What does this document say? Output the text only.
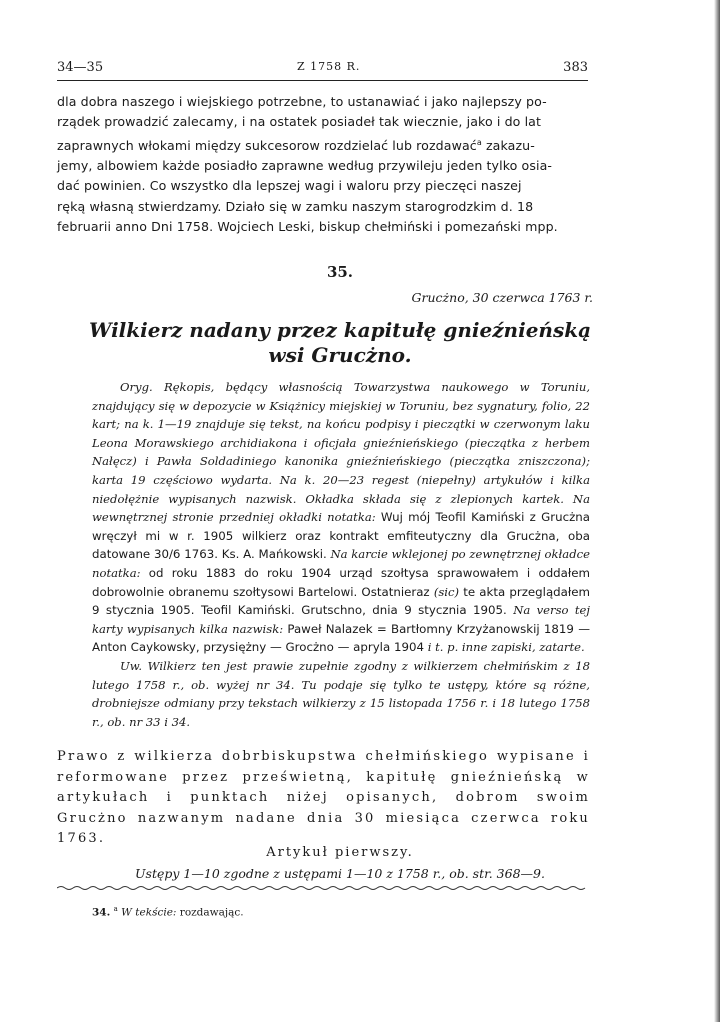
34—35	Z 1758 R.	383
dla dobra naszego i wiejskiego potrzebne, to ustanawiać i jako najlepszy po-
rządek prowadzić zalecamy, i na ostatek posiadeł tak wiecznie, jako i do lat
zaprawnych włokami między sukcesorow rozdzielać lub rozdawać$^a$ zakazu-
jemy, albowiem każde posiadło zaprawne według przywileju jeden tylko osia-
dać powinien. Co wszystko dla lepszej wagi i waloru przy pieczęci naszej
ręką własną stwierdzamy. Działo się w zamku naszym starogrodzkim d. 18
februarii anno Dni 1758. Wojciech Leski, biskup chełmiński i pomezański mpp.
35.
Grucżno, 30 czerwca 1763 r.
Wilkierz nadany przez kapitułę gnieźnieńską
wsi Grucżno.

Oryg. Rękopis, będący własnością Towarzystwa naukowego w Toruniu, znajdujący się w depozycie w Książnicy miejskiej w Toruniu, bez sygnatury, folio, 22 kart; na k. 1—19 znajduje się tekst, na końcu podpisy i pieczątki w czerwonym laku Leona Morawskiego archidiakona i oficjała gnieźnieńskiego (pieczątka z herbem Nałęcz) i Pawła Soldadiniego kanonika gnieźnieńskiego (pieczątka zniszczona); karta 19 częściowo wydarta. Na k. 20—23 regest (niepełny) artykułów i kilka niedołężnie wypisanych nazwisk. Okładka składa się z zlepionych kartek. Na wewnętrznej stronie przedniej okładki notatka: Wuj mój Teofil Kamiński z Grucżna wręczył mi w r. 1905 wilkierz oraz kontrakt emfiteutyczny dla Grucżna, oba datowane 30/6 1763. Ks. A. Mańkowski. Na karcie wklejonej po zewnętrznej okładce notatka: od roku 1883 do roku 1904 urząd szołtysa sprawowałem i oddałem dobrowolnie obranemu szołtysowi Bartelowi. Ostatnieraz (sic) te akta przeglądałem 9 stycznia 1905. Teofil Kamiński. Grutschno, dnia 9 stycznia 1905. Na verso tej karty wypisanych kilka nazwisk: Paweł Nalazek = Bartłomny Krzyżanowskij 1819 — Anton Caykowsky, przysiężny — Grocżno — apryla 1904 i t. p. inne zapiski, zatarte.

Uw. Wilkierz ten jest prawie zupełnie zgodny z wilkierzem chełmińskim z 18 lutego 1758 r., ob. wyżej nr 34. Tu podaje się tylko te ustępy, które są różne, drobniejsze odmiany przy tekstach wilkierzy z 15 listopada 1756 r. i 18 lutego 1758 r., ob. nr 33 i 34.

Prawo z wilkierza dobrbiskupstwa chełmińskiego wypisane i reformowane przez prześwietną, kapitułę gnieźnieńską w artykułach i punktach niżej opisanych, dobrom swoim Grucżno nazwanym nadane dnia 30 miesiąca czerwca roku 1763.
Artykuł pierwszy.
Ustępy 1—10 zgodne z ustępami 1—10 z 1758 r., ob. str. 368—9.
34. $^a$ W tekście: rozdawając.
